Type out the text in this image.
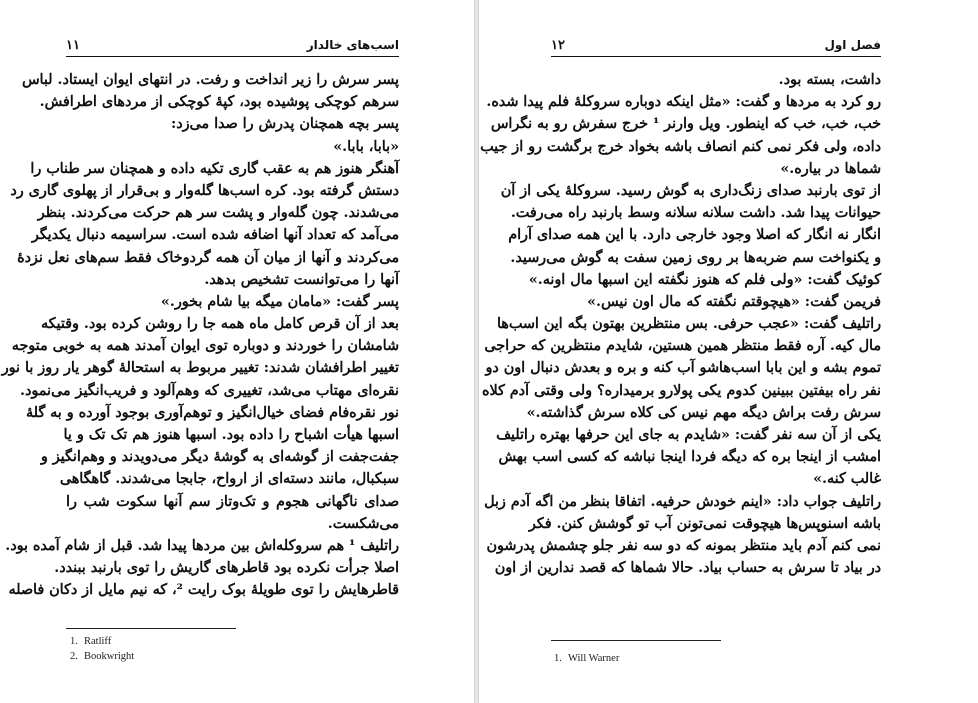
۱۱	اسب‌های خالدار
پسر سرش را زیر انداخت و رفت. در انتهای ایوان ایستاد. لباس
سرهم کوچکی پوشیده بود، کپهٔ کوچکی از مردهای اطرافش.
پسر بچه همچنان پدرش را صدا می‌زد:
«بابا، بابا.»
آهنگر هنوز هم به عقب گاری تکیه داده و همچنان سر طناب را
دستش گرفته بود. کره اسب‌ها گله‌وار و بی‌قرار از پهلوی گاری رد
می‌شدند. چون گله‌وار و پشت سر هم حرکت می‌کردند. بنظر
می‌آمد که تعداد آنها اضافه شده است. سراسیمه دنبال یکدیگر
می‌کردند و آنها از میان آن همه گردوخاک فقط سم‌های نعل نزدهٔ
آنها را می‌توانست تشخیص بدهد.
پسر گفت: «مامان میگه بیا شام بخور.»
بعد از آن قرص کامل ماه همه جا را روشن کرده بود. وقتیکه
شامشان را خوردند و دوباره توی ایوان آمدند همه به خوبی متوجه
تغییر اطرافشان شدند: تغییر مربوط به استحالهٔ گوهر یار روز با نور
نقره‌ای مهتاب می‌شد، تغییری که وهم‌آلود و فریب‌انگیز می‌نمود.
نور نقره‌فام فضای خیال‌انگیز و توهم‌آوری بوجود آورده و به گلهٔ
اسبها هیأت اشباح را داده بود. اسبها هنوز هم تک تک و یا
جفت‌جفت از گوشه‌ای به گوشهٔ دیگر می‌دویدند و وهم‌انگیز و
سبکبال، مانند دسته‌ای از ارواح، جابجا می‌شدند. گاهگاهی
صدای ناگهانی هجوم و تک‌وتاز سم آنها سکوت شب را
می‌شکست.
راتلیف ¹ هم سروکله‌اش بین مردها پیدا شد. قبل از شام آمده بود.
اصلا جرأت نکرده بود قاطرهای گاریش را توی بارنبد ببندد.
قاطرهایش را توی طویلهٔ بوک رایت ²، که نیم مایل از دکان فاصله
1. Ratliff
2. Bookwright
۱۲	فصل اول
داشت، بسته بود.
رو کرد به مردها و گفت: «مثل اینکه دوباره سروکلهٔ فلم پیدا شده.
خب، خب، خب که اینطور. ویل وارنر ¹ خرج سفرش رو به نگراس
داده، ولی فکر نمی کنم انصاف باشه بخواد خرج برگشت رو از جیب
شماها در بیاره.»
از توی بارنبد صدای زنگ‌داری به گوش رسید. سروکلهٔ یکی از آن
حیوانات پیدا شد. داشت سلانه سلانه وسط بارنبد راه می‌رفت.
انگار نه انگار که اصلا وجود خارجی دارد. با این همه صدای آرام
و یکنواخت سم ضربه‌ها بر روی زمین سفت به گوش می‌رسید.
کوئیک گفت: «ولی فلم که هنوز نگفته این اسبها مال اونه.»
فریمن گفت: «هیچوقتم نگفته که مال اون نیس.»
راتلیف گفت: «عجب حرفی. بس منتظرین بهتون بگه این اسب‌ها
مال کیه. آره فقط منتظر همین هستین، شایدم منتظرین که حراجی
تموم بشه و این بابا اسب‌هاشو آب کنه و بره و بعدش دنبال اون دو
نفر راه بیفتین ببینین کدوم یکی پولارو برمیداره؟ ولی وقتی آدم کلاه
سرش رفت براش دیگه مهم نیس کی کلاه سرش گذاشته.»
یکی از آن سه نفر گفت: «شایدم به جای این حرفها بهتره راتلیف
امشب از اینجا بره که دیگه فردا اینجا نباشه که کسی اسب بهش
غالب کنه.»
راتلیف جواب داد: «اینم خودش حرفیه. اتفاقا بنظر من اگه آدم زبل
باشه اسنوپس‌ها هیچوقت نمی‌تونن آب تو گوشش کنن. فکر
نمی کنم آدم باید منتظر بمونه که دو سه نفر جلو چشمش پدرشون
در بیاد تا سرش به حساب بیاد. حالا شماها که قصد ندارین از اون
1. Will Warner
